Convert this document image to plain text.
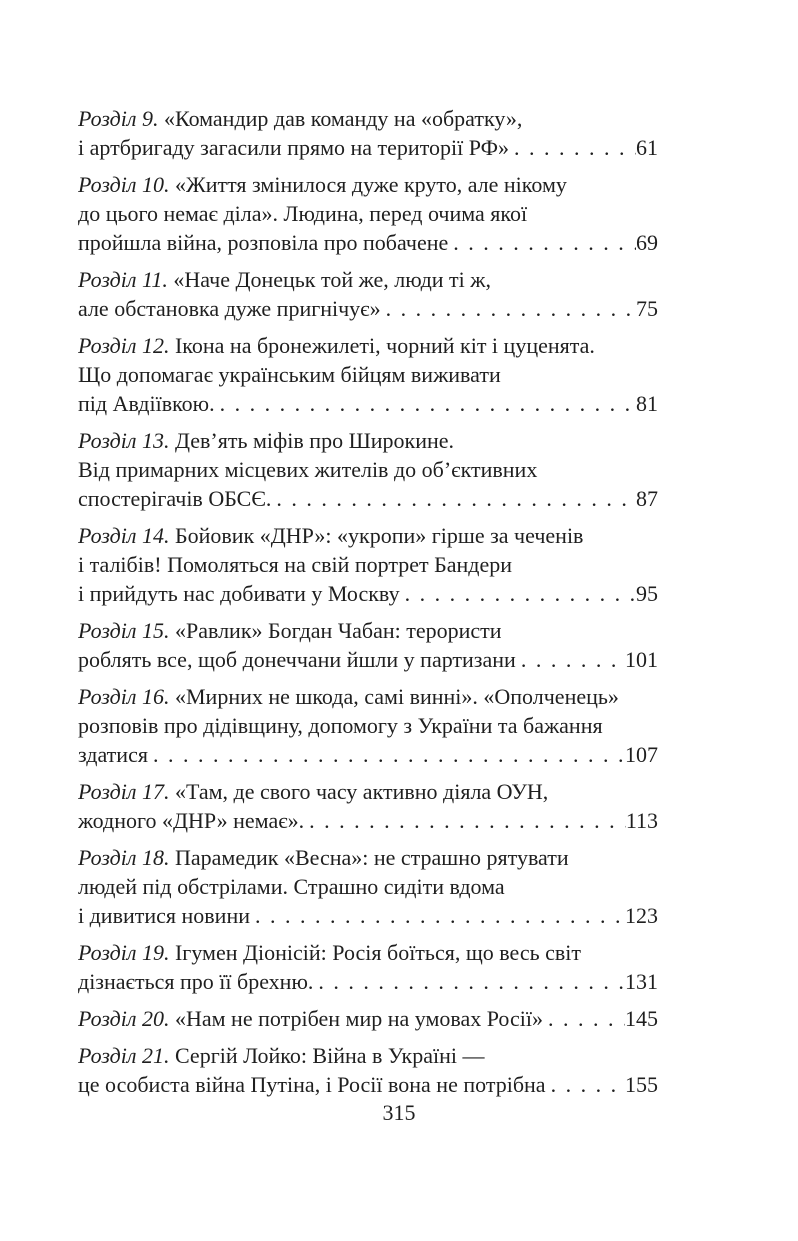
Розділ 9. «Командир дав команду на «обратку»,
і артбригаду загасили прямо на території РФ» . . .	61
Розділ 10. «Життя змінилося дуже круто, але нікому
до цього немає діла». Людина, перед очима якої
пройшла війна, розповіла про побачене . . .	69
Розділ 11. «Наче Донецьк той же, люди ті ж,
але обстановка дуже пригнічує» . . .	75
Розділ 12. Ікона на бронежилеті, чорний кіт і цуценята.
Що допомагає українським бійцям виживати
під Авдіївкою. . . .	81
Розділ 13. Дев’ять міфів про Широкине.
Від примарних місцевих жителів до об’єктивних
спостерігачів ОБСЄ. . . .	87
Розділ 14. Бойовик «ДНР»: «укропи» гірше за чеченів
і талібів! Помоляться на свій портрет Бандери
і прийдуть нас добивати у Москву . . .	95
Розділ 15. «Равлик» Богдан Чабан: терористи
роблять все, щоб донеччани йшли у партизани . . .	101
Розділ 16. «Мирних не шкода, самі винні». «Ополченець»
розповів про дідівщину, допомогу з України та бажання
здатися . . .	107
Розділ 17. «Там, де свого часу активно діяла ОУН,
жодного «ДНР» немає». . . .	113
Розділ 18. Парамедик «Весна»: не страшно рятувати
людей під обстрілами. Страшно сидіти вдома
і дивитися новини . . .	123
Розділ 19. Ігумен Діонісій: Росія боїться, що весь світ
дізнається про її брехню. . . .	131
Розділ 20. «Нам не потрібен мир на умовах Росії» . . .	145
Розділ 21. Сергій Лойко: Війна в Україні —
це особиста війна Путіна, і Росії вона не потрібна . . .	155
315
